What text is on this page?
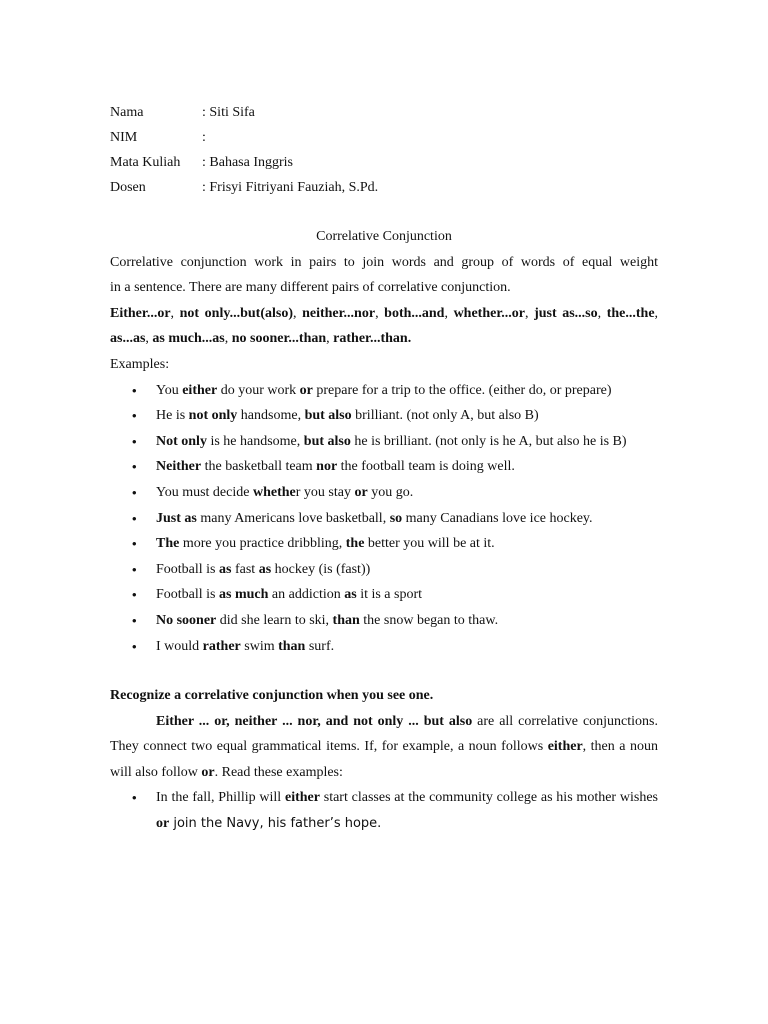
Nama	: Siti Sifa
NIM	:
Mata Kuliah	: Bahasa Inggris
Dosen	: Frisyi Fitriyani Fauziah, S.Pd.
Correlative Conjunction
Correlative conjunction work in pairs to join words and group of words of equal weight
in a sentence. There are many different pairs of correlative conjunction.
Either...or, not only...but(also), neither...nor, both...and, whether...or, just as...so, the...the, as...as, as much...as, no sooner...than, rather...than.
Examples:
• You either do your work or prepare for a trip to the office. (either do, or prepare)
• He is not only handsome, but also brilliant. (not only A, but also B)
• Not only is he handsome, but also he is brilliant. (not only is he A, but also he is B)
• Neither the basketball team nor the football team is doing well.
• You must decide whether you stay or you go.
• Just as many Americans love basketball, so many Canadians love ice hockey.
• The more you practice dribbling, the better you will be at it.
• Football is as fast as hockey (is (fast))
• Football is as much an addiction as it is a sport
• No sooner did she learn to ski, than the snow began to thaw.
• I would rather swim than surf.
Recognize a correlative conjunction when you see one.
Either ... or, neither ... nor, and not only ... but also are all correlative conjunctions. They connect two equal grammatical items. If, for example, a noun follows either, then a noun will also follow or. Read these examples:
• In the fall, Phillip will either start classes at the community college as his mother wishes or join the Navy, his father’s hope.
